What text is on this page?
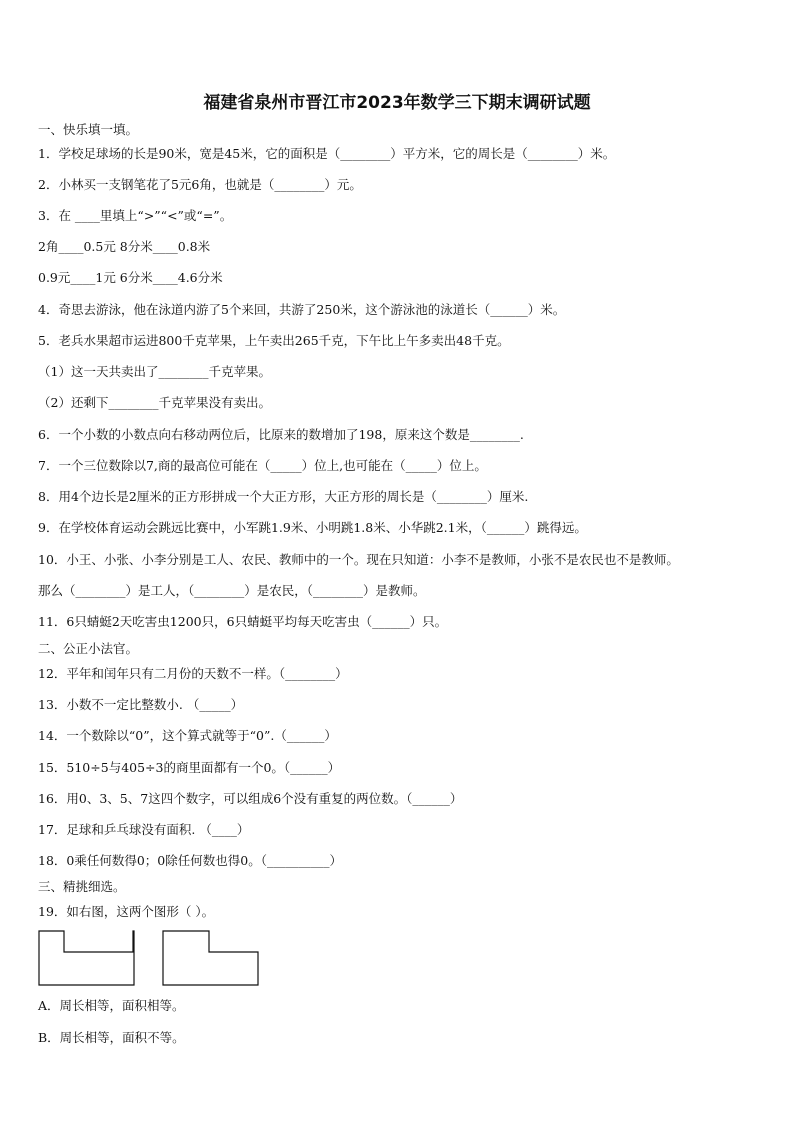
福建省泉州市晋江市2023年数学三下期末调研试题
一、快乐填一填。
1．学校足球场的长是90米，宽是45米，它的面积是（________）平方米，它的周长是（________）米。
2．小林买一支钢笔花了5元6角，也就是（________）元。
3．在 ____里填上“>”“<”或“=”。
2角____0.5元 8分米____0.8米
0.9元____1元 6分米____4.6分米
4．奇思去游泳，他在泳道内游了5个来回，共游了250米，这个游泳池的泳道长（______）米。
5．老兵水果超市运进800千克苹果，上午卖出265千克，下午比上午多卖出48千克。
（1）这一天共卖出了________千克苹果。
（2）还剩下________千克苹果没有卖出。
6．一个小数的小数点向右移动两位后，比原来的数增加了198，原来这个数是________.
7．一个三位数除以7,商的最高位可能在（_____）位上,也可能在（_____）位上。
8．用4个边长是2厘米的正方形拼成一个大正方形，大正方形的周长是（________）厘米.
9．在学校体育运动会跳远比赛中，小军跳1.9米、小明跳1.8米、小华跳2.1米，（______）跳得远。
10．小王、小张、小李分别是工人、农民、教师中的一个。现在只知道：小李不是教师，小张不是农民也不是教师。
那么（________）是工人，（________）是农民，（________）是教师。
11．6只蜻蜓2天吃害虫1200只，6只蜻蜓平均每天吃害虫（______）只。
二、公正小法官。
12．平年和闰年只有二月份的天数不一样。（________）
13．小数不一定比整数小. （_____）
14．一个数除以“0”，这个算式就等于“0”.（______）
15．510÷5与405÷3的商里面都有一个0。（______）
16．用0、3、5、7这四个数字，可以组成6个没有重复的两位数。（______）
17．足球和乒乓球没有面积. （____）
18．0乘任何数得0；0除任何数也得0。（__________）
三、精挑细选。
19．如右图，这两个图形（ ）。
A．周长相等，面积相等。
B．周长相等，面积不等。
